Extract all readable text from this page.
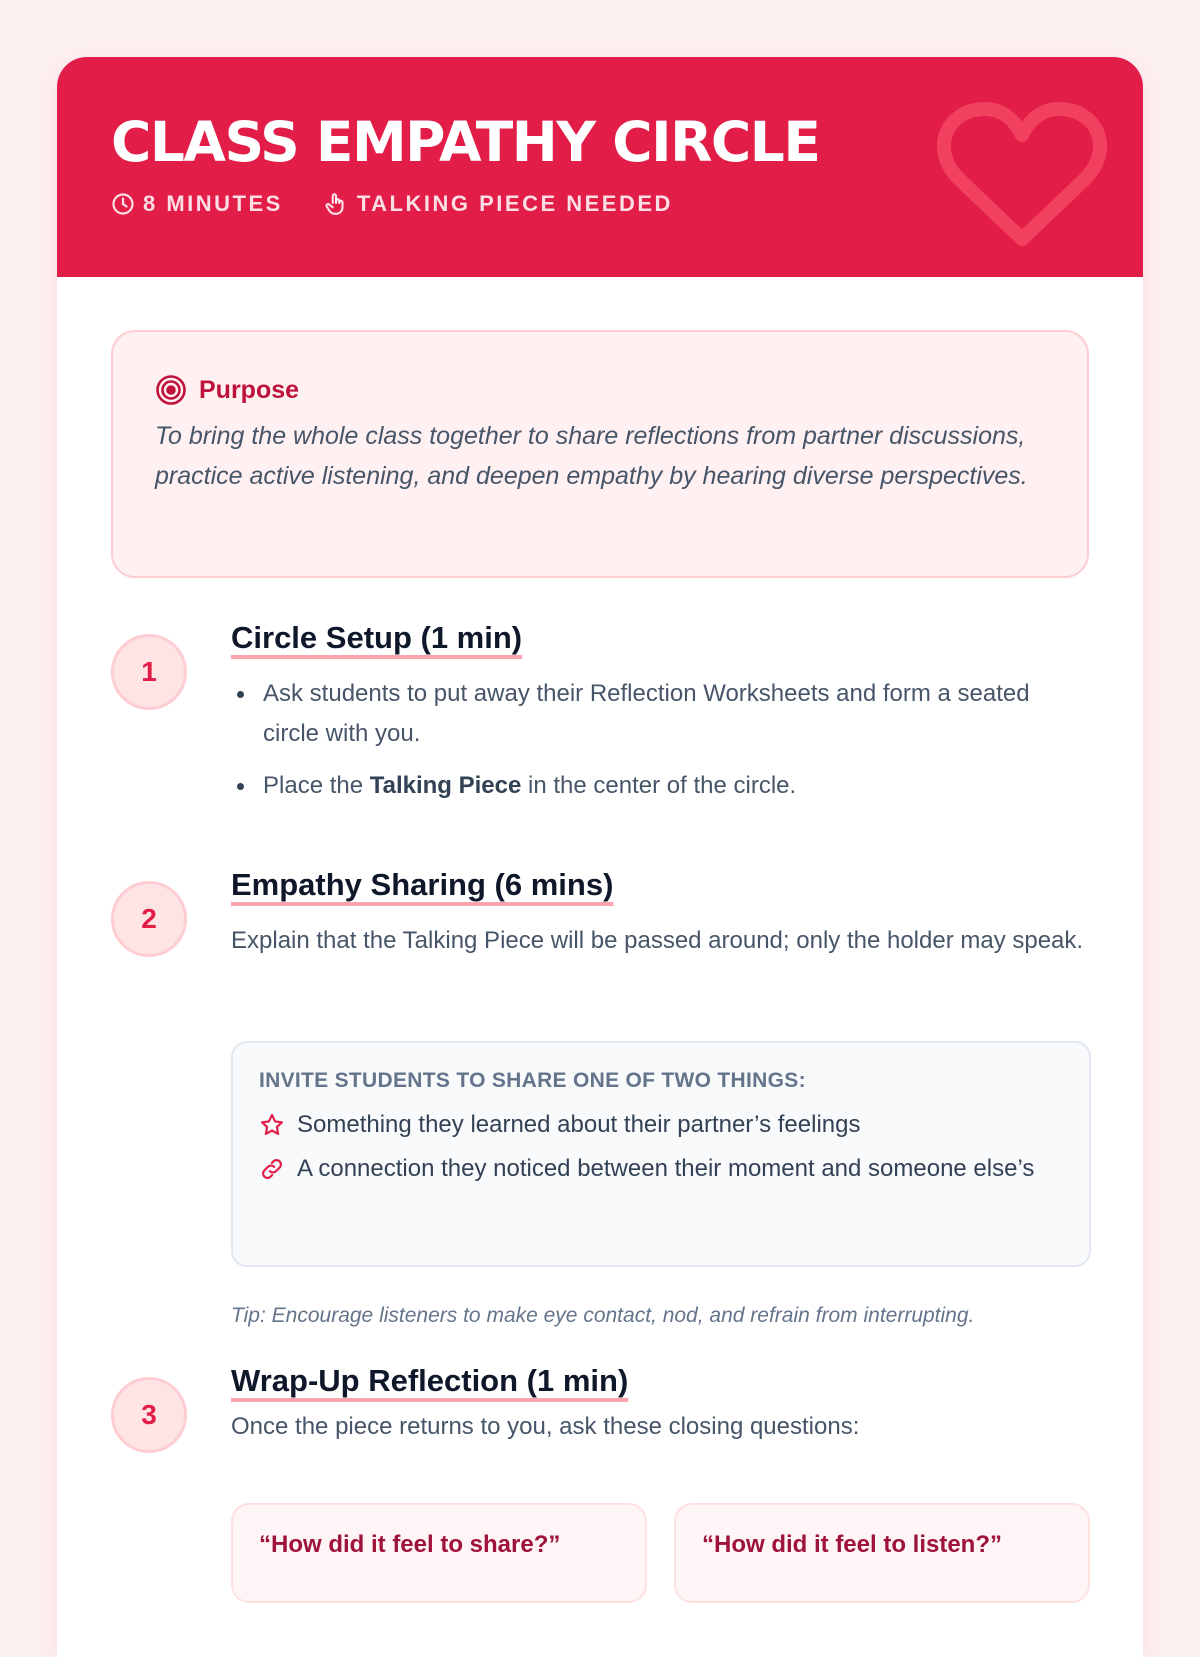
CLASS EMPATHY CIRCLE
8 MINUTES	TALKING PIECE NEEDED
Purpose
To bring the whole class together to share reflections from partner discussions, practice active listening, and deepen empathy by hearing diverse perspectives.
1
Circle Setup (1 min)
Ask students to put away their Reflection Worksheets and form a seated circle with you.
Place the Talking Piece in the center of the circle.
2
Empathy Sharing (6 mins)
Explain that the Talking Piece will be passed around; only the holder may speak.
INVITE STUDENTS TO SHARE ONE OF TWO THINGS:
Something they learned about their partner’s feelings
A connection they noticed between their moment and someone else’s
Tip: Encourage listeners to make eye contact, nod, and refrain from interrupting.
3
Wrap-Up Reflection (1 min)
Once the piece returns to you, ask these closing questions:
“How did it feel to share?”	“How did it feel to listen?”
